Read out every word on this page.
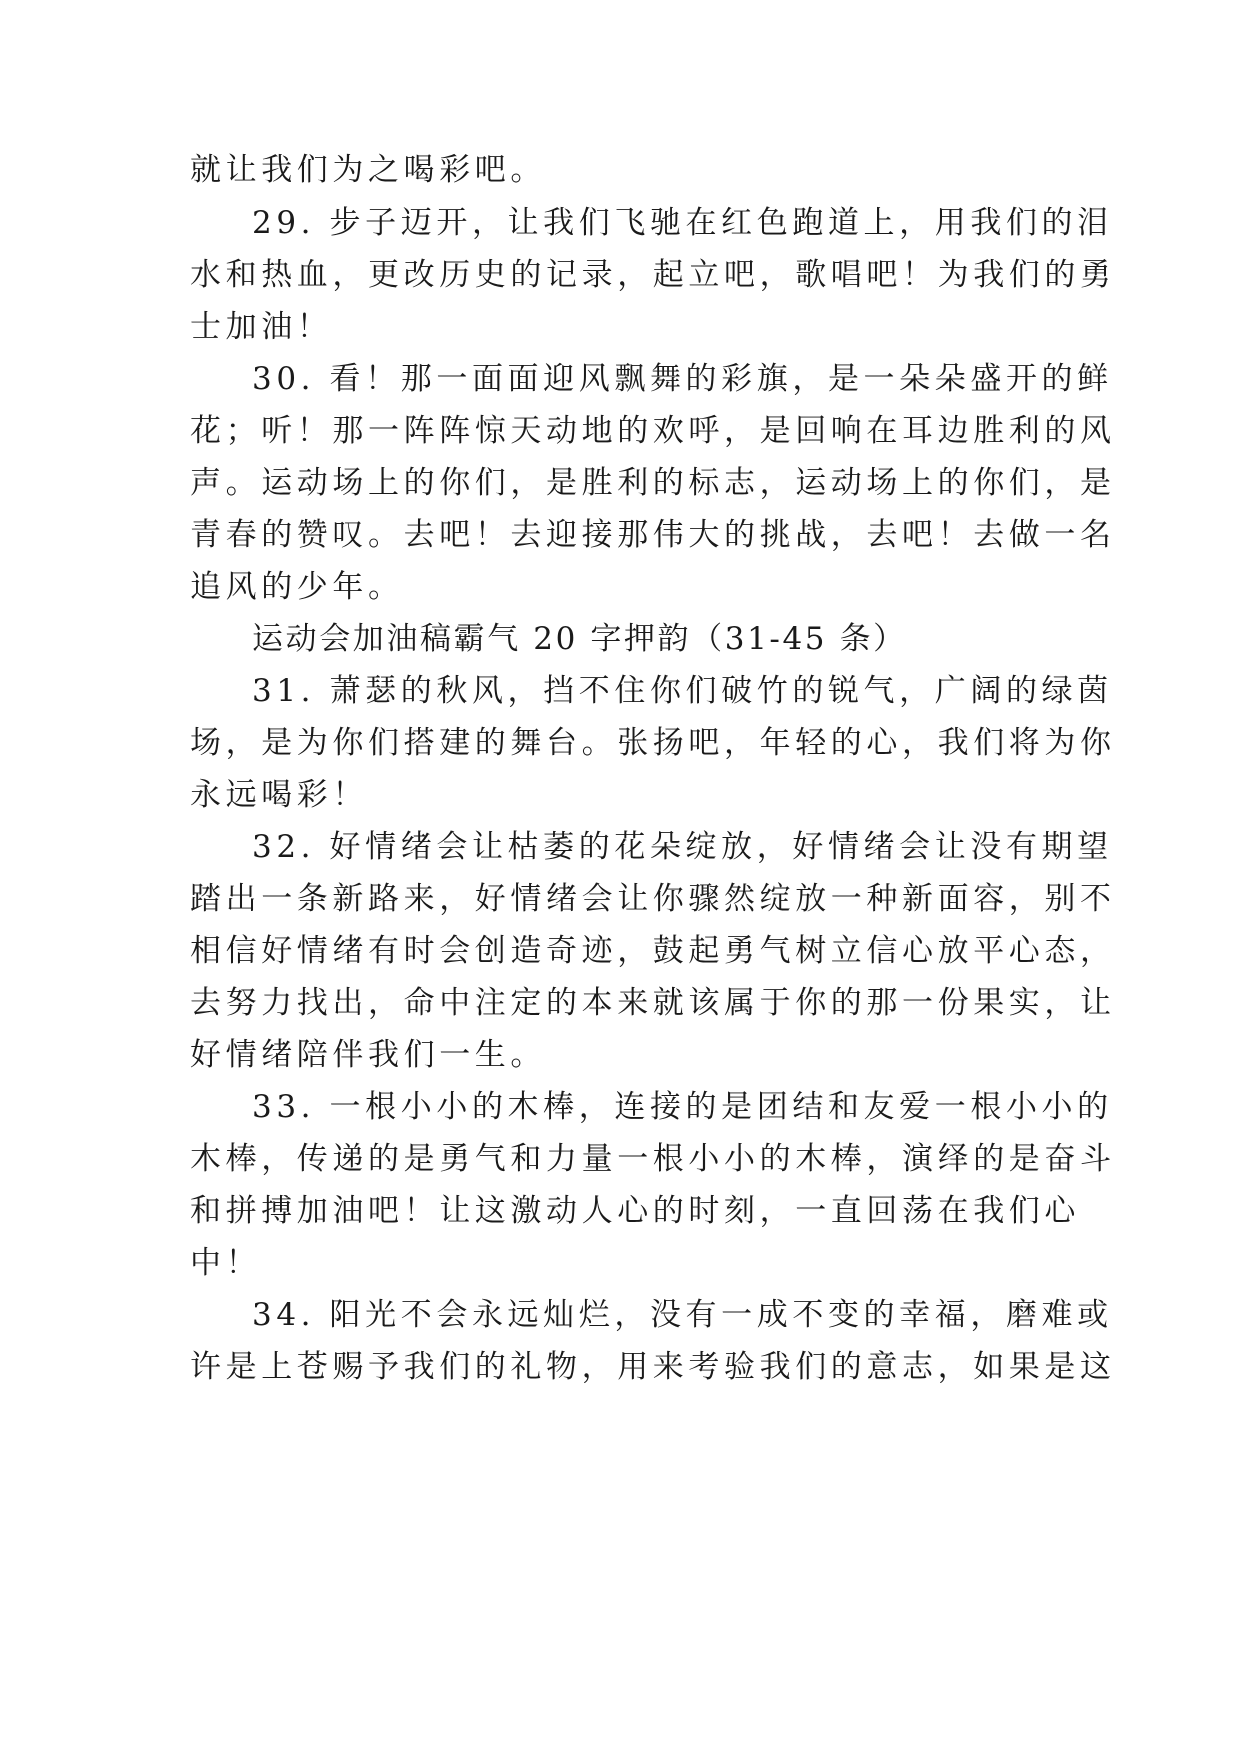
就让我们为之喝彩吧。
29. 步子迈开，让我们飞驰在红色跑道上，用我们的泪
水和热血，更改历史的记录，起立吧，歌唱吧！为我们的勇
士加油！
30. 看！那一面面迎风飘舞的彩旗，是一朵朵盛开的鲜
花；听！那一阵阵惊天动地的欢呼，是回响在耳边胜利的风
声。运动场上的你们，是胜利的标志，运动场上的你们，是
青春的赞叹。去吧！去迎接那伟大的挑战，去吧！去做一名
追风的少年。
运动会加油稿霸气 20 字押韵（31-45 条）
31. 萧瑟的秋风，挡不住你们破竹的锐气，广阔的绿茵
场，是为你们搭建的舞台。张扬吧，年轻的心，我们将为你
永远喝彩！
32. 好情绪会让枯萎的花朵绽放，好情绪会让没有期望
踏出一条新路来，好情绪会让你骤然绽放一种新面容，别不
相信好情绪有时会创造奇迹，鼓起勇气树立信心放平心态，
去努力找出，命中注定的本来就该属于你的那一份果实，让
好情绪陪伴我们一生。
33. 一根小小的木棒，连接的是团结和友爱一根小小的
木棒，传递的是勇气和力量一根小小的木棒，演绎的是奋斗
和拼搏加油吧！让这激动人心的时刻，一直回荡在我们心
中！
34. 阳光不会永远灿烂，没有一成不变的幸福，磨难或
许是上苍赐予我们的礼物，用来考验我们的意志，如果是这
